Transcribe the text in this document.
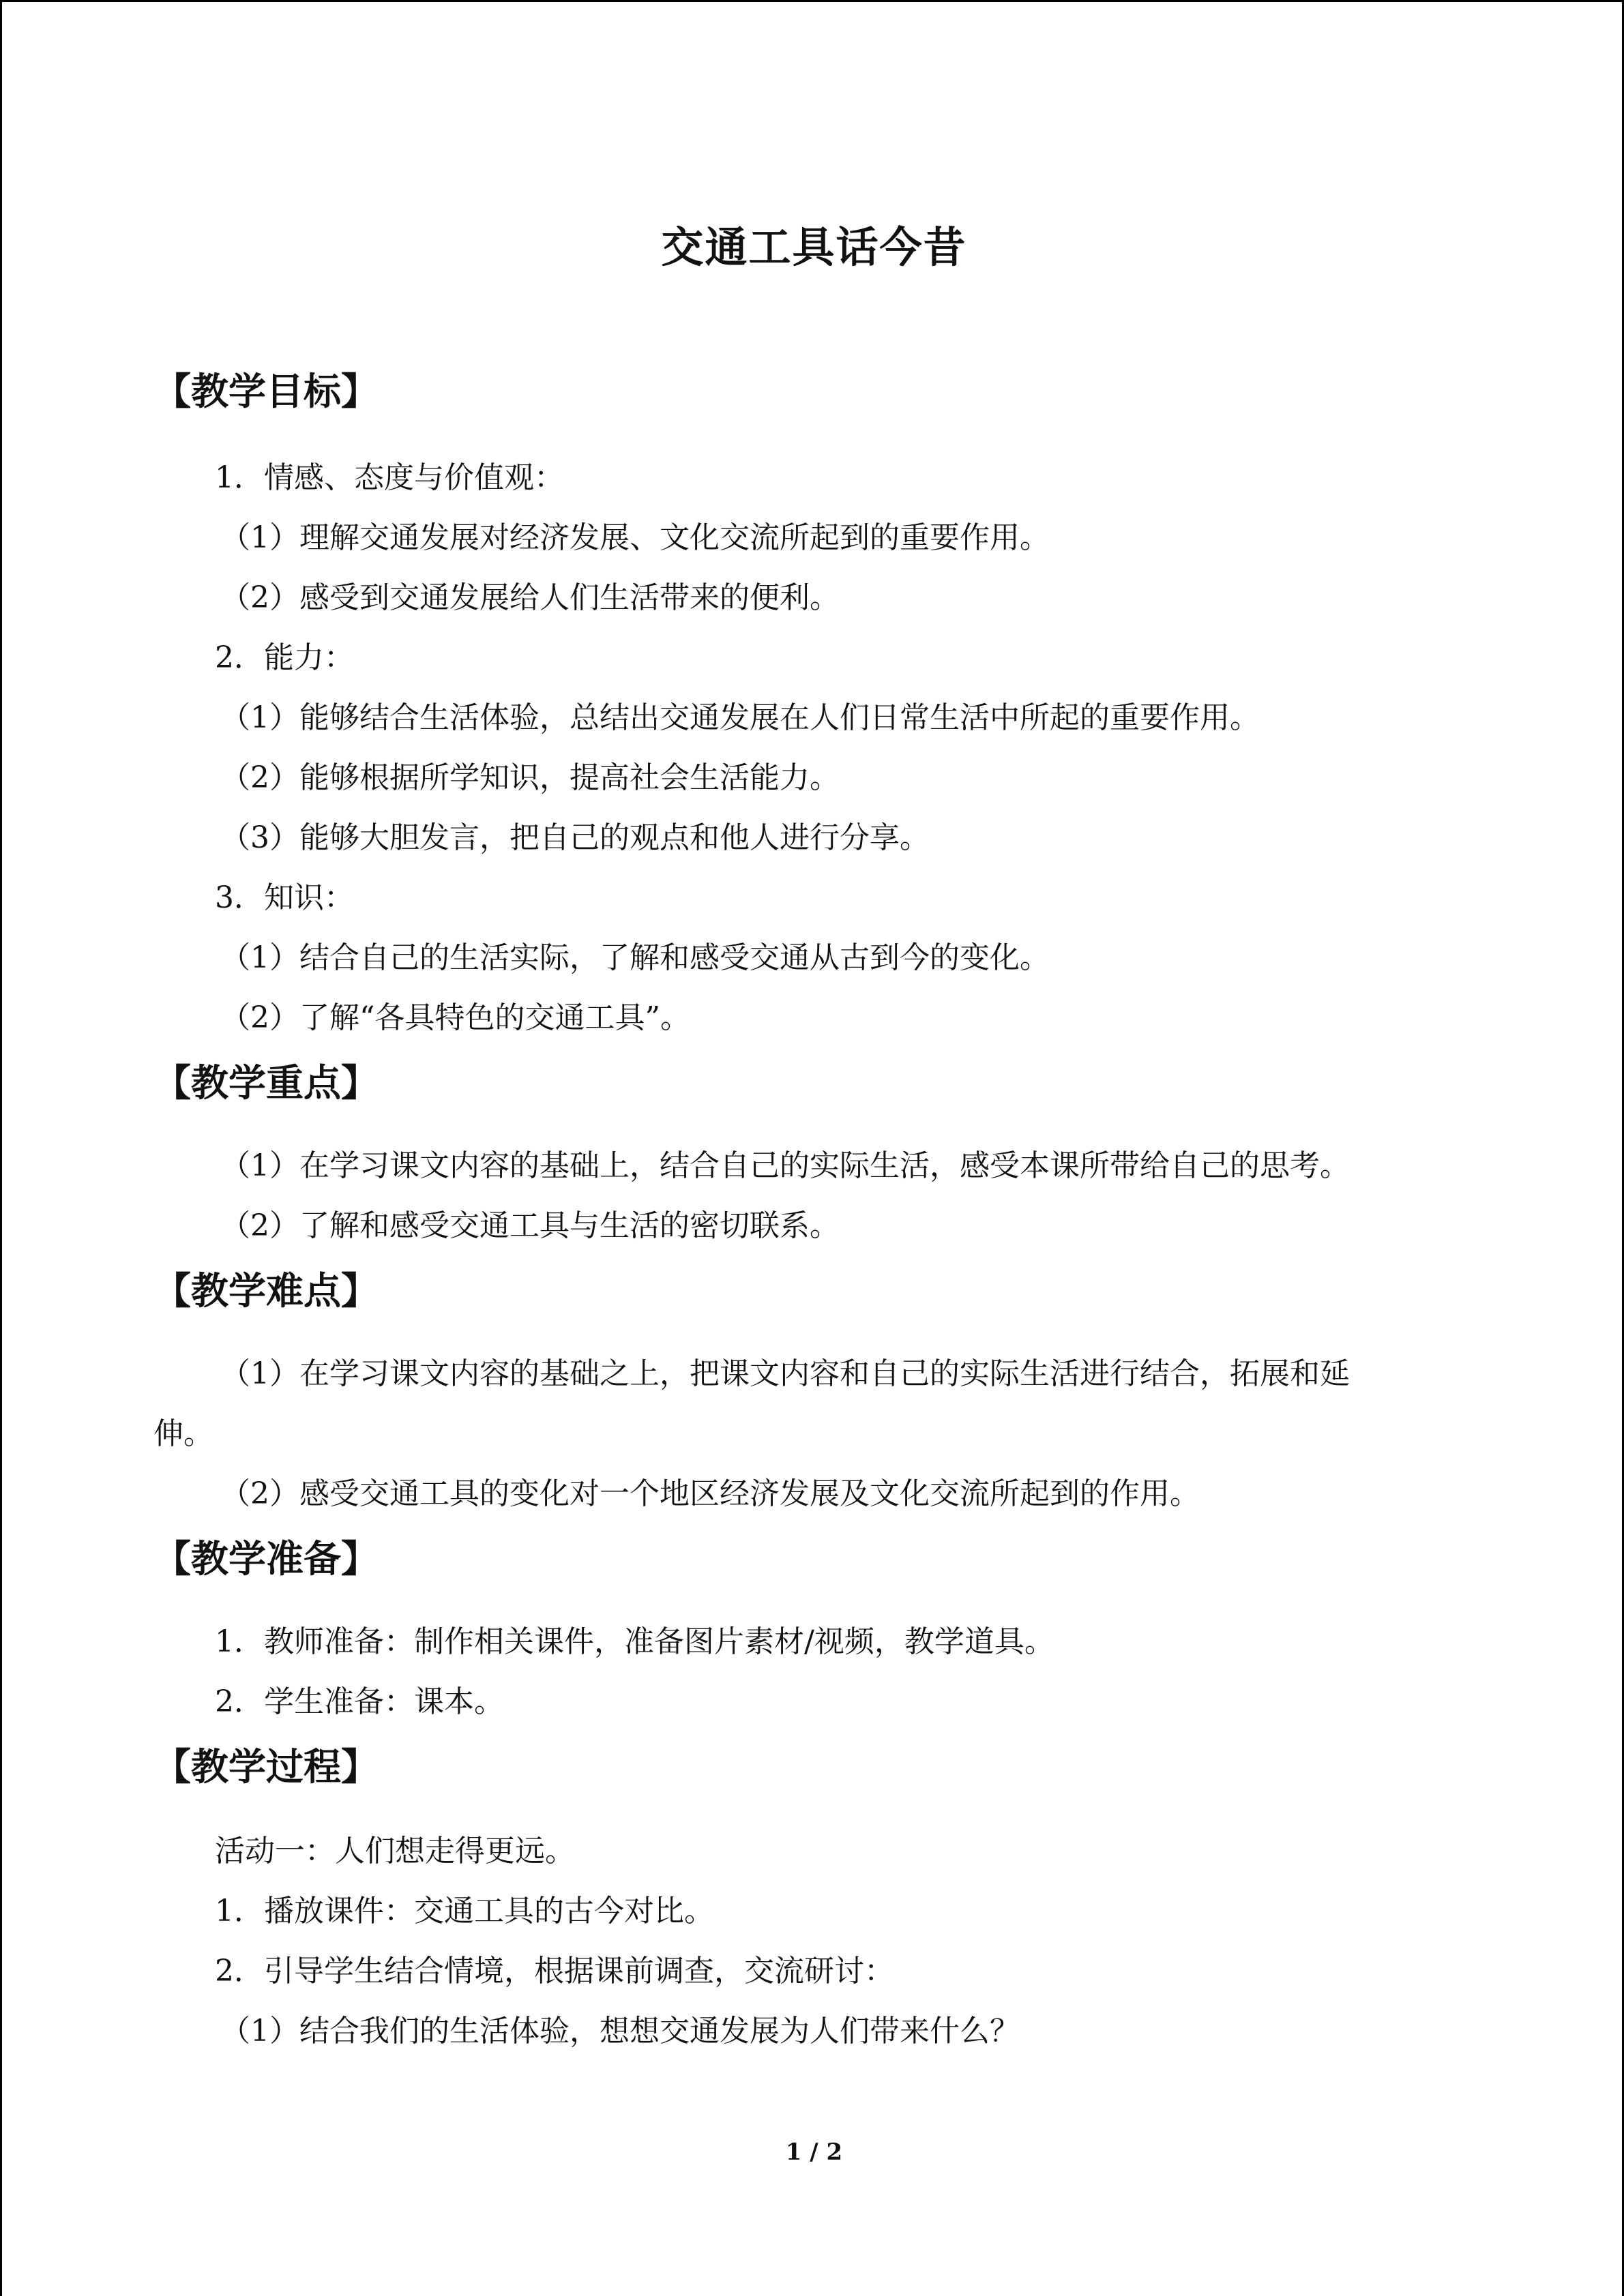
交通工具话今昔
【教学目标】
1．情感、态度与价值观：
（1）理解交通发展对经济发展、文化交流所起到的重要作用。
（2）感受到交通发展给人们生活带来的便利。
2．能力：
（1）能够结合生活体验，总结出交通发展在人们日常生活中所起的重要作用。
（2）能够根据所学知识，提高社会生活能力。
（3）能够大胆发言，把自己的观点和他人进行分享。
3．知识：
（1）结合自己的生活实际，了解和感受交通从古到今的变化。
（2）了解“各具特色的交通工具”。
【教学重点】
（1）在学习课文内容的基础上，结合自己的实际生活，感受本课所带给自己的思考。
（2）了解和感受交通工具与生活的密切联系。
【教学难点】
（1）在学习课文内容的基础之上，把课文内容和自己的实际生活进行结合，拓展和延
伸。
（2）感受交通工具的变化对一个地区经济发展及文化交流所起到的作用。
【教学准备】
1．教师准备：制作相关课件，准备图片素材/视频，教学道具。
2．学生准备：课本。
【教学过程】
活动一：人们想走得更远。
1．播放课件：交通工具的古今对比。
2．引导学生结合情境，根据课前调查，交流研讨：
（1）结合我们的生活体验，想想交通发展为人们带来什么？
1 / 2
